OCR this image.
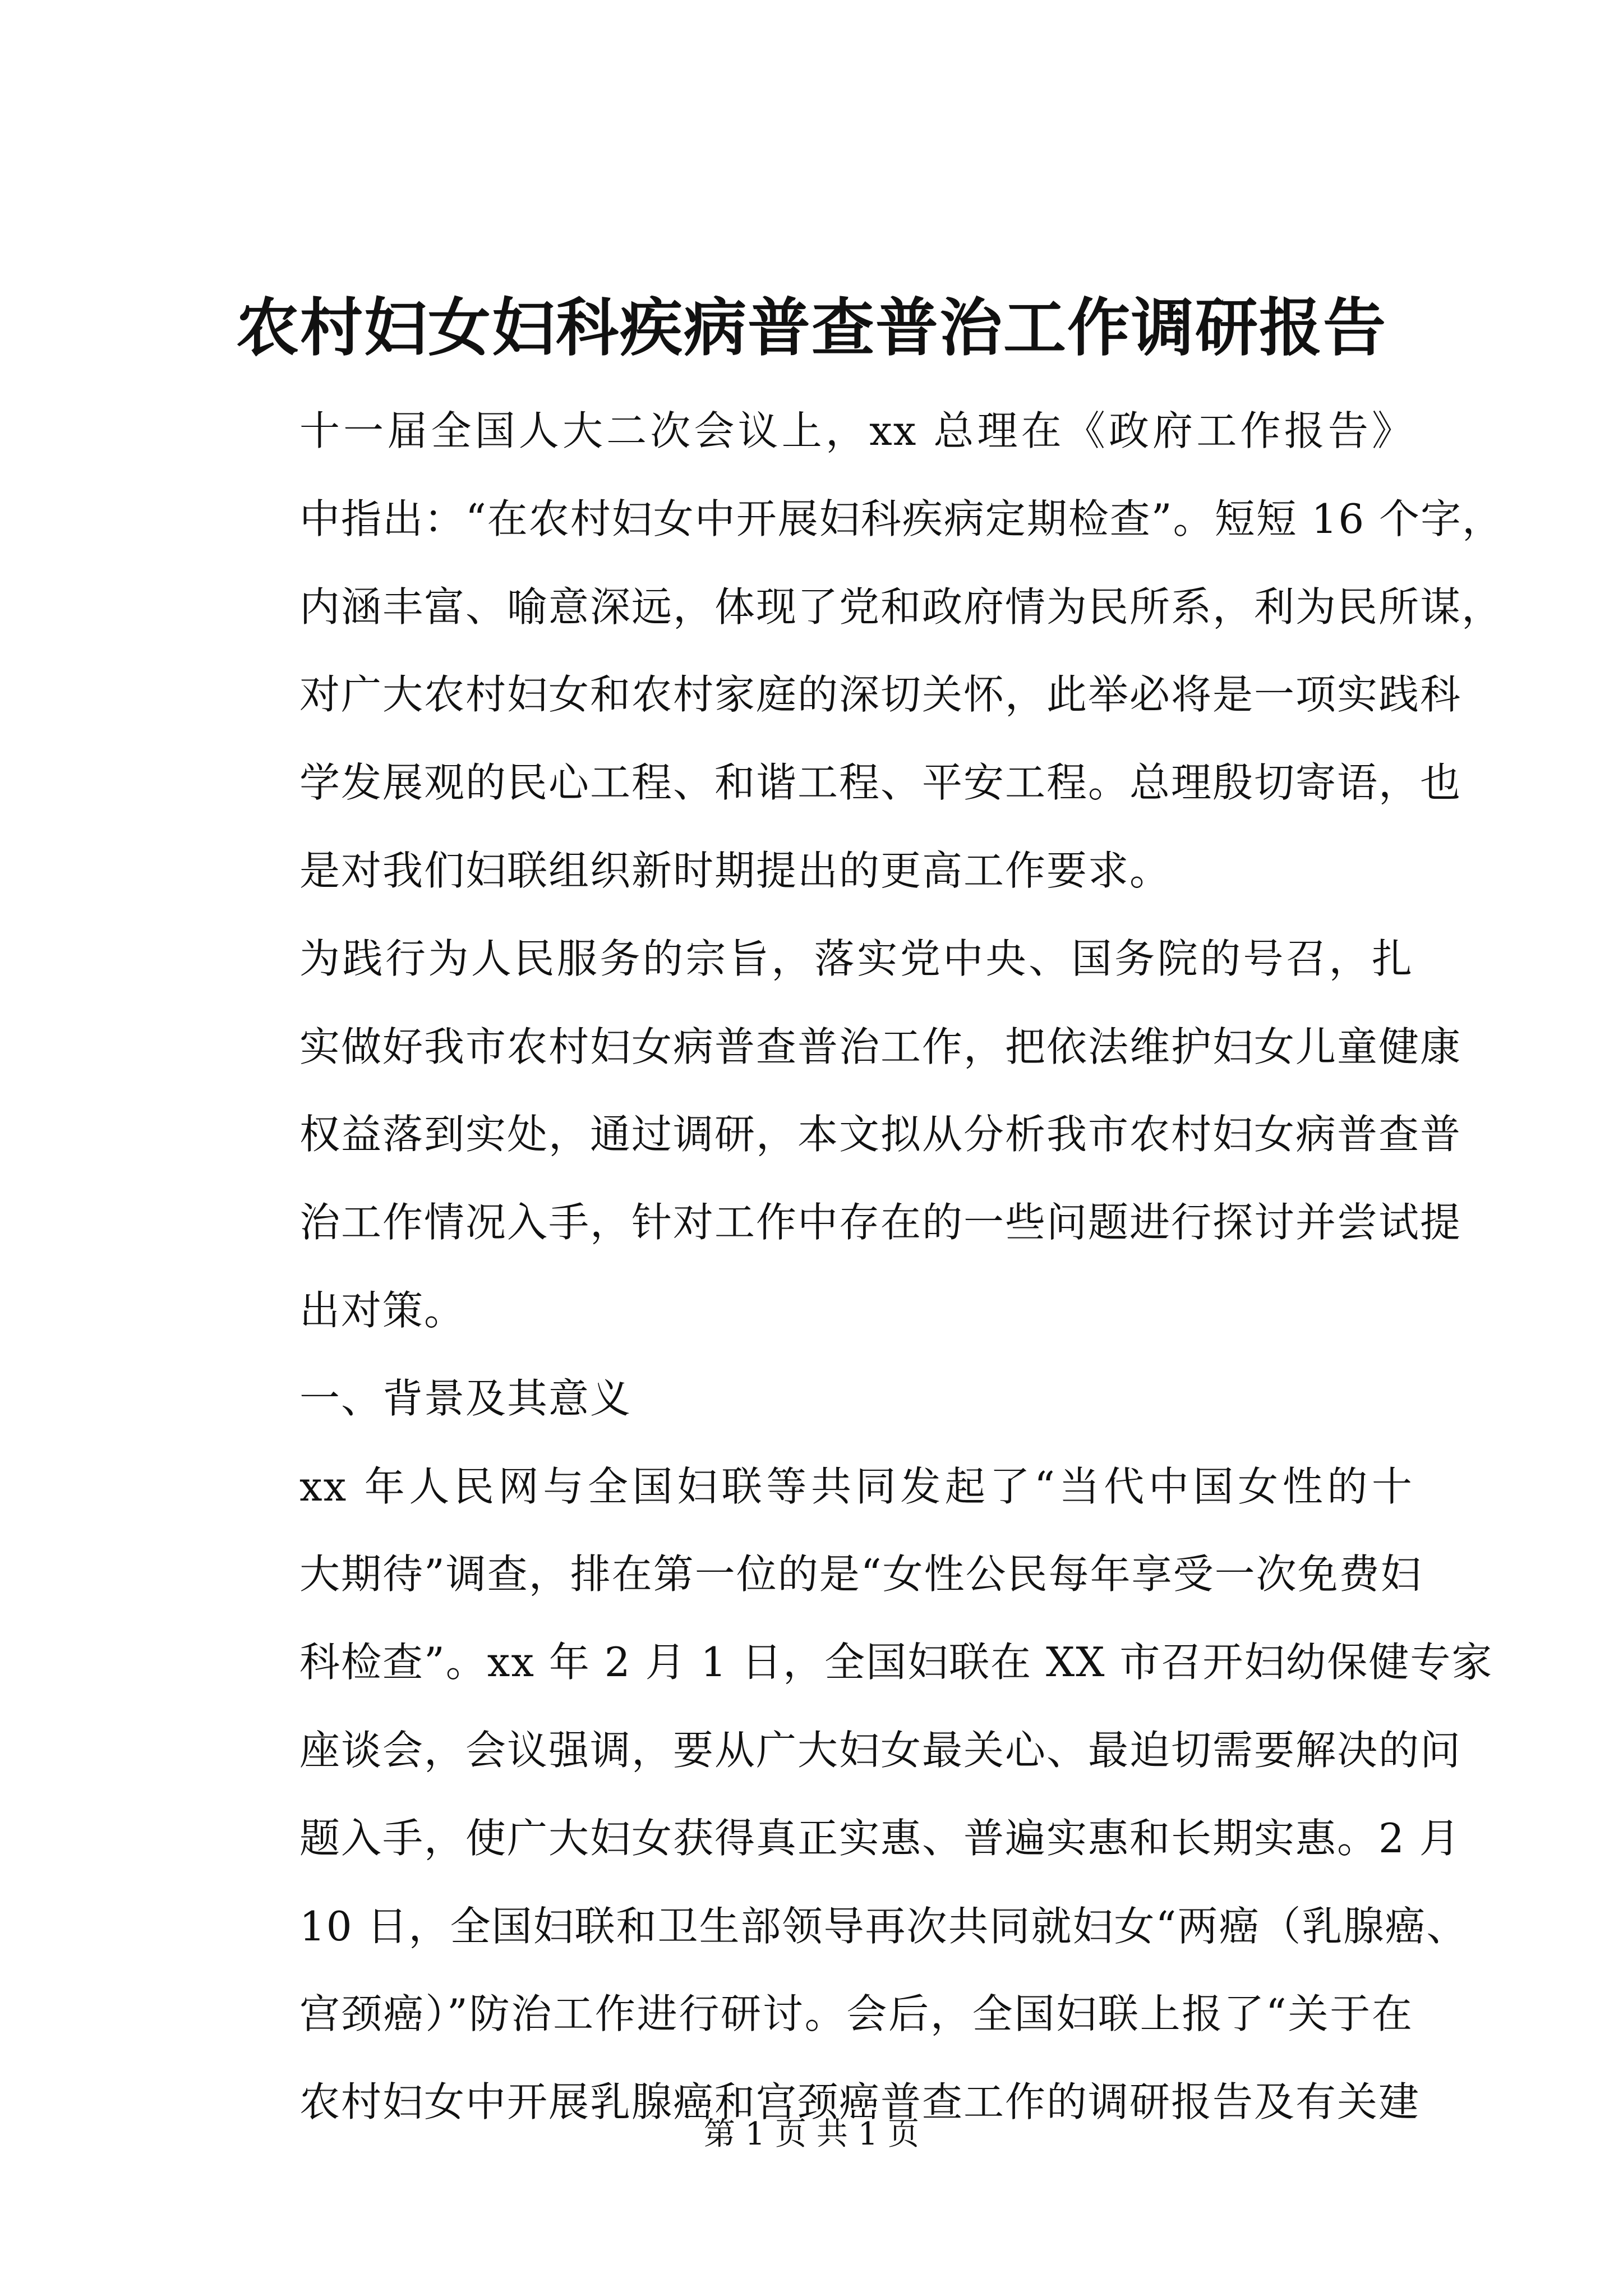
农村妇女妇科疾病普查普治工作调研报告

十一届全国人大二次会议上，xx 总理在《政府工作报告》
中指出：“在农村妇女中开展妇科疾病定期检查”。短短 16 个字，
内涵丰富、喻意深远，体现了党和政府情为民所系，利为民所谋，
对广大农村妇女和农村家庭的深切关怀，此举必将是一项实践科
学发展观的民心工程、和谐工程、平安工程。总理殷切寄语，也
是对我们妇联组织新时期提出的更高工作要求。

为践行为人民服务的宗旨，落实党中央、国务院的号召，扎
实做好我市农村妇女病普查普治工作，把依法维护妇女儿童健康
权益落到实处，通过调研，本文拟从分析我市农村妇女病普查普
治工作情况入手，针对工作中存在的一些问题进行探讨并尝试提
出对策。

一、背景及其意义

xx 年人民网与全国妇联等共同发起了“当代中国女性的十
大期待”调查，排在第一位的是“女性公民每年享受一次免费妇
科检查”。xx 年 2 月 1 日，全国妇联在 XX 市召开妇幼保健专家
座谈会，会议强调，要从广大妇女最关心、最迫切需要解决的问
题入手，使广大妇女获得真正实惠、普遍实惠和长期实惠。2 月
10 日，全国妇联和卫生部领导再次共同就妇女“两癌（乳腺癌、
宫颈癌）”防治工作进行研讨。会后，全国妇联上报了“关于在
农村妇女中开展乳腺癌和宫颈癌普查工作的调研报告及有关建

第 1 页 共 1 页
